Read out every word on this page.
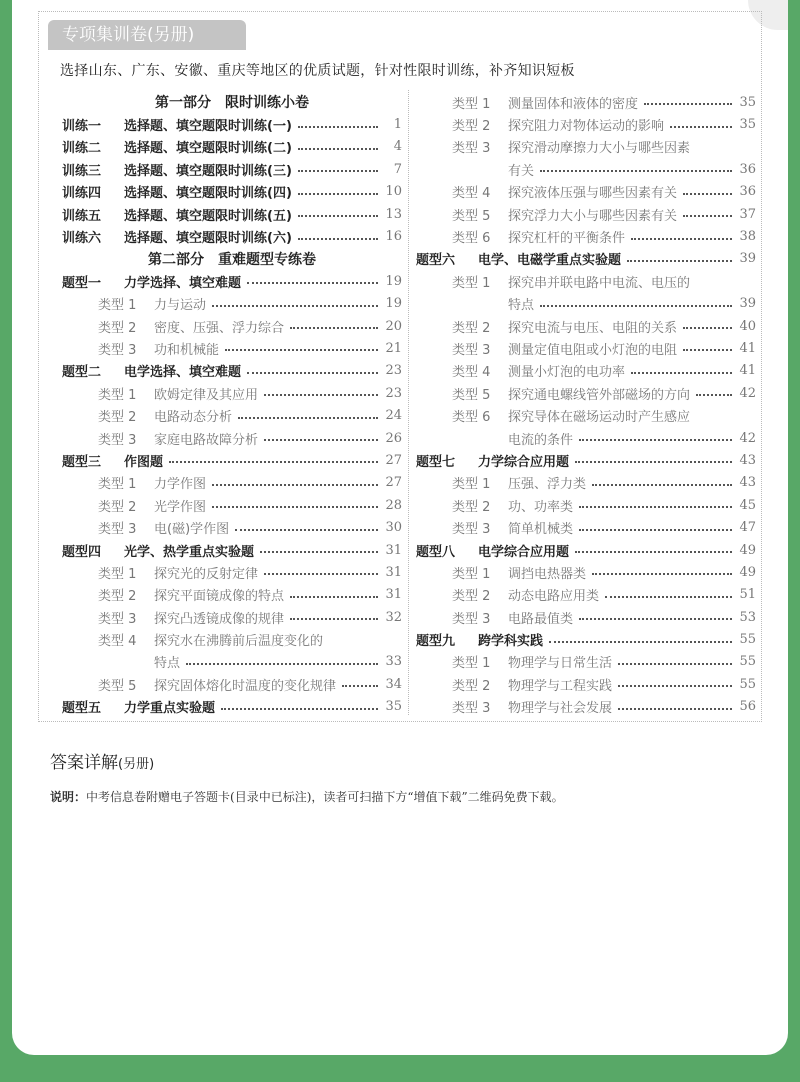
专项集训卷(另册)
选择山东、广东、安徽、重庆等地区的优质试题，针对性限时训练，补齐知识短板
第一部分　限时训练小卷
训练一	选择题、填空题限时训练(一)	1
训练二	选择题、填空题限时训练(二)	4
训练三	选择题、填空题限时训练(三)	7
训练四	选择题、填空题限时训练(四)	10
训练五	选择题、填空题限时训练(五)	13
训练六	选择题、填空题限时训练(六)	16
第二部分　重难题型专练卷
题型一	力学选择、填空难题	19
类型 1	力与运动	19
类型 2	密度、压强、浮力综合	20
类型 3	功和机械能	21
题型二	电学选择、填空难题	23
类型 1	欧姆定律及其应用	23
类型 2	电路动态分析	24
类型 3	家庭电路故障分析	26
题型三	作图题	27
类型 1	力学作图	27
类型 2	光学作图	28
类型 3	电(磁)学作图	30
题型四	光学、热学重点实验题	31
类型 1	探究光的反射定律	31
类型 2	探究平面镜成像的特点	31
类型 3	探究凸透镜成像的规律	32
类型 4	探究水在沸腾前后温度变化的
特点	33
类型 5	探究固体熔化时温度的变化规律	34
题型五	力学重点实验题	35
类型 1	测量固体和液体的密度	35
类型 2	探究阻力对物体运动的影响	35
类型 3	探究滑动摩擦力大小与哪些因素
有关	36
类型 4	探究液体压强与哪些因素有关	36
类型 5	探究浮力大小与哪些因素有关	37
类型 6	探究杠杆的平衡条件	38
题型六	电学、电磁学重点实验题	39
类型 1	探究串并联电路中电流、电压的
特点	39
类型 2	探究电流与电压、电阻的关系	40
类型 3	测量定值电阻或小灯泡的电阻	41
类型 4	测量小灯泡的电功率	41
类型 5	探究通电螺线管外部磁场的方向	42
类型 6	探究导体在磁场运动时产生感应
电流的条件	42
题型七	力学综合应用题	43
类型 1	压强、浮力类	43
类型 2	功、功率类	45
类型 3	简单机械类	47
题型八	电学综合应用题	49
类型 1	调挡电热器类	49
类型 2	动态电路应用类	51
类型 3	电路最值类	53
题型九	跨学科实践	55
类型 1	物理学与日常生活	55
类型 2	物理学与工程实践	55
类型 3	物理学与社会发展	56
答案详解(另册)
说明：中考信息卷附赠电子答题卡(目录中已标注)，读者可扫描下方“增值下载”二维码免费下载。
